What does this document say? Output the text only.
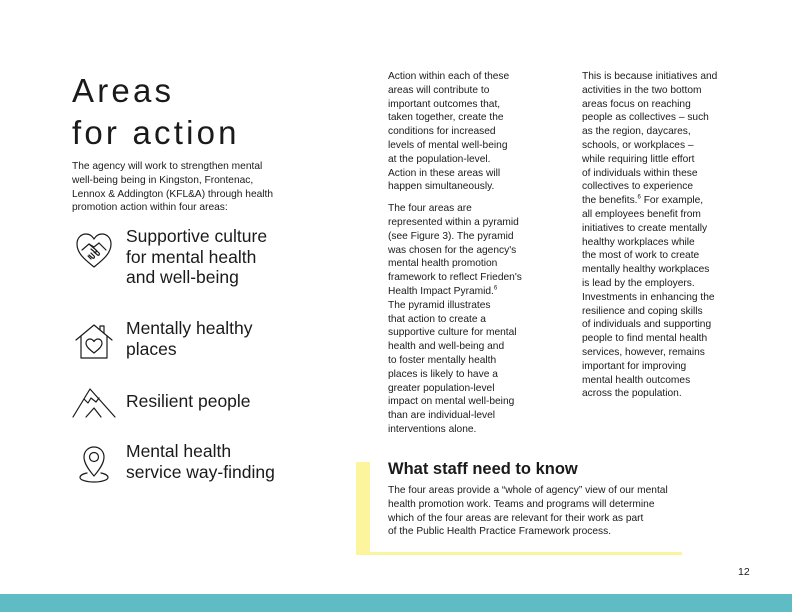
Areas
for action
The agency will work to strengthen mental
well-being being in Kingston, Frontenac,
Lennox & Addington (KFL&A) through health
promotion action within four areas:
Supportive culture
for mental health
and well-being
Mentally healthy
places
Resilient people
Mental health
service way-finding

Action within each of these
areas will contribute to
important outcomes that,
taken together, create the
conditions for increased
levels of mental well-being
at the population-level.
Action in these areas will
happen simultaneously.

The four areas are
represented within a pyramid
(see Figure 3). The pyramid
was chosen for the agency's
mental health promotion
framework to reflect Frieden's
Health Impact Pyramid.$^6$
The pyramid illustrates
that action to create a
supportive culture for mental
health and well-being and
to foster mentally health
places is likely to have a
greater population-level
impact on mental well-being
than are individual-level
interventions alone.

This is because initiatives and
activities in the two bottom
areas focus on reaching
people as collectives – such
as the region, daycares,
schools, or workplaces –
while requiring little effort
of individuals within these
collectives to experience
the benefits.$^6$ For example,
all employees benefit from
initiatives to create mentally
healthy workplaces while
the most of work to create
mentally healthy workplaces
is lead by the employers.
Investments in enhancing the
resilience and coping skills
of individuals and supporting
people to find mental health
services, however, remains
important for improving
mental health outcomes
across the population.

What staff need to know
The four areas provide a “whole of agency” view of our mental
health promotion work. Teams and programs will determine
which of the four areas are relevant for their work as part
of the Public Health Practice Framework process.
12
